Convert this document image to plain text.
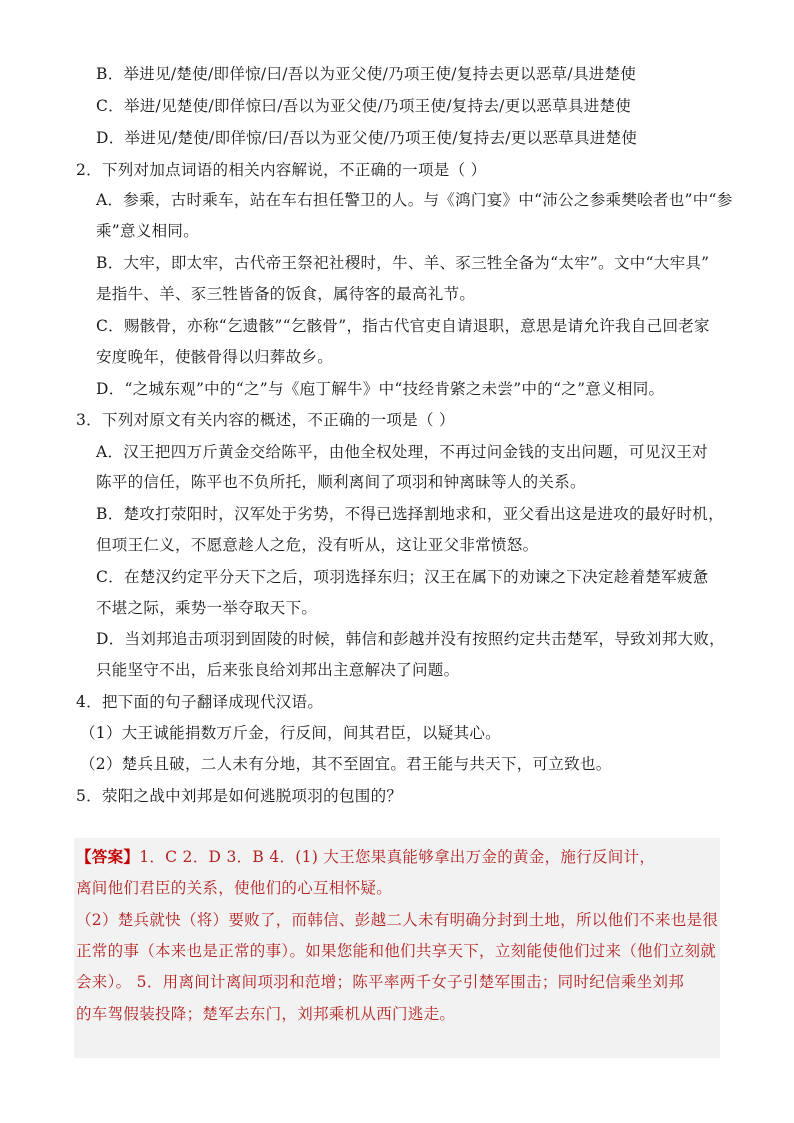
B．举进见/楚使/即佯惊/曰/吾以为亚父使/乃项王使/复持去更以恶草/具进楚使
C．举进/见楚使/即佯惊曰/吾以为亚父使/乃项王使/复持去/更以恶草具进楚使
D．举进见/楚使/即佯惊/曰/吾以为亚父使/乃项王使/复持去/更以恶草具进楚使
2．下列对加点词语的相关内容解说，不正确的一项是（ ）
A．参乘，古时乘车，站在车右担任警卫的人。与《鸿门宴》中“沛公之参乘樊哙者也”中“参
乘”意义相同。
B．大牢，即太牢，古代帝王祭祀社稷时，牛、羊、豕三牲全备为“太牢”。文中“大牢具”
是指牛、羊、豕三牲皆备的饭食，属待客的最高礼节。
C．赐骸骨，亦称“乞遗骸”“乞骸骨”，指古代官吏自请退职，意思是请允许我自己回老家
安度晚年，使骸骨得以归葬故乡。
D．“之城东观”中的“之”与《庖丁解牛》中“技经肯綮之未尝”中的“之”意义相同。
3．下列对原文有关内容的概述，不正确的一项是（ ）
A．汉王把四万斤黄金交给陈平，由他全权处理，不再过问金钱的支出问题，可见汉王对
陈平的信任，陈平也不负所托，顺利离间了项羽和钟离昧等人的关系。
B．楚攻打荥阳时，汉军处于劣势，不得已选择割地求和，亚父看出这是进攻的最好时机，
但项王仁义，不愿意趁人之危，没有听从，这让亚父非常愤怒。
C．在楚汉约定平分天下之后，项羽选择东归；汉王在属下的劝谏之下决定趁着楚军疲惫
不堪之际，乘势一举夺取天下。
D．当刘邦追击项羽到固陵的时候，韩信和彭越并没有按照约定共击楚军，导致刘邦大败，
只能坚守不出，后来张良给刘邦出主意解决了问题。
4．把下面的句子翻译成现代汉语。
（1）大王诚能捐数万斤金，行反间，间其君臣，以疑其心。
（2）楚兵且破，二人未有分地，其不至固宜。君王能与共天下，可立致也。
5．荥阳之战中刘邦是如何逃脱项羽的包围的？
【答案】1．C 2．D 3．B 4．(1) 大王您果真能够拿出万金的黄金，施行反间计，
离间他们君臣的关系，使他们的心互相怀疑。
（2）楚兵就快（将）要败了，而韩信、彭越二人未有明确分封到土地，所以他们不来也是很
正常的事（本来也是正常的事）。如果您能和他们共享天下，立刻能使他们过来（他们立刻就
会来）。 5．用离间计离间项羽和范增；陈平率两千女子引楚军围击；同时纪信乘坐刘邦
的车驾假装投降；楚军去东门，刘邦乘机从西门逃走。
